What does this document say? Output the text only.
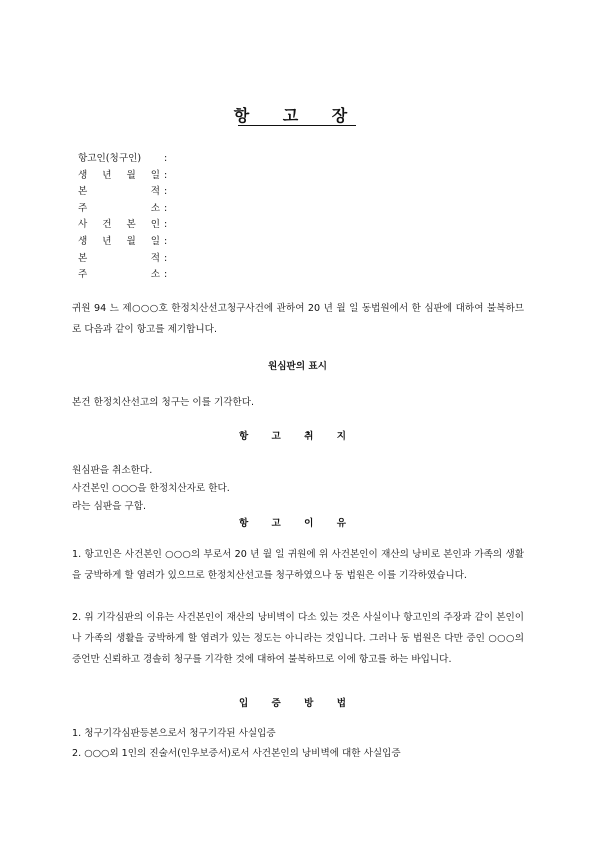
항 고 장
항고인(청구인) :
생 년 월 일 :
본 적 :
주 소 :
사 건 본 인 :
생 년 월 일 :
본 적 :
주 소 :
귀원 94 느 제○○○호 한정치산선고청구사건에 관하여 20 년 월 일 동법원에서 한 심판에 대하여 불복하므로 다음과 같이 항고를 제기합니다.
원심판의 표시
본건 한정치산선고의 청구는 이를 기각한다.
항 고 취 지
원심판을 취소한다.
사건본인 ○○○을 한정치산자로 한다.
라는 심판을 구함.
항 고 이 유
1. 항고인은 사건본인 ○○○의 부로서 20 년 월 일 귀원에 위 사건본인이 재산의 낭비로 본인과 가족의 생활을 궁박하게 할 염려가 있으므로 한정치산선고를 청구하였으나 동 법원은 이를 기각하였습니다.
2. 위 기각심판의 이유는 사건본인이 재산의 낭비벽이 다소 있는 것은 사실이나 항고인의 주장과 같이 본인이나 가족의 생활을 궁박하게 할 염려가 있는 정도는 아니라는 것입니다. 그러나 동 법원은 다만 증인 ○○○의 증언만 신뢰하고 경솔히 청구를 기각한 것에 대하여 불복하므로 이에 항고를 하는 바입니다.
입 증 방 법
1. 청구기각심판등본으로서 청구기각된 사실입증
2. ○○○외 1인의 진술서(인우보증서)로서 사건본인의 낭비벽에 대한 사실입증
